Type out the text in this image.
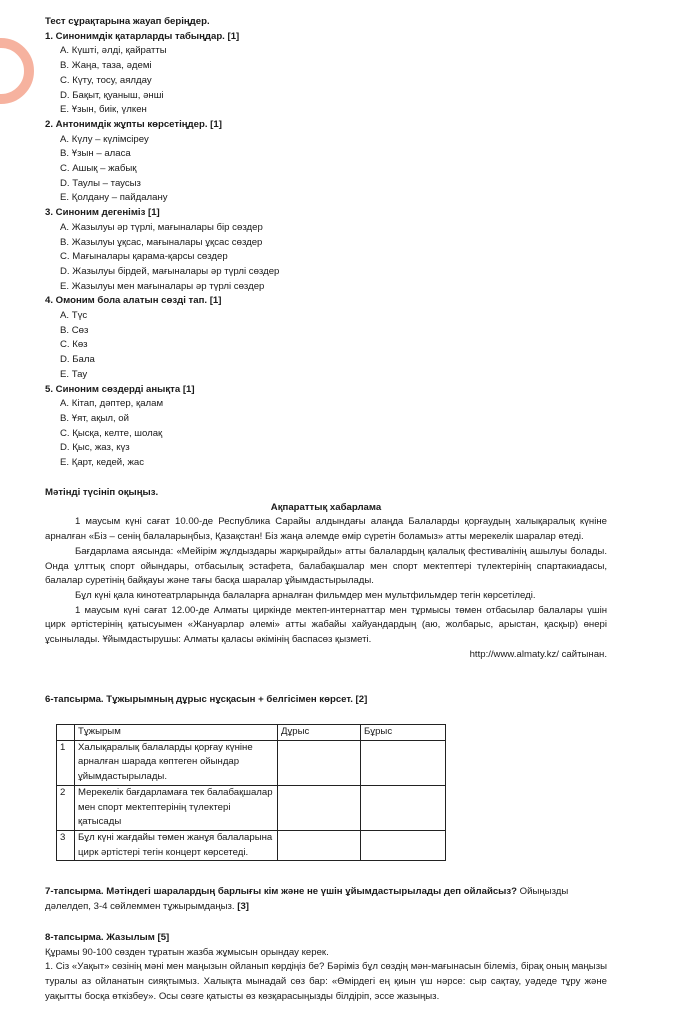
Тест сұрақтарына жауап беріңдер.
1. Синонимдік қатарларды табыңдар. [1]
A. Күшті, әлді, қайратты
B. Жаңа, таза, әдемі
C. Күту, тосу, аялдау
D. Бақыт, қуаныш, әнші
E. Ұзын, биік, үлкен
2. Антонимдік жұпты көрсетіңдер. [1]
A. Күлу – күлімсіреу
B. Ұзын – аласа
C. Ашық – жабық
D. Таулы – таусыз
E. Қолдану – пайдалану
3. Синоним дегеніміз [1]
A. Жазылуы әр түрлі, мағыналары бір сөздер
B. Жазылуы ұқсас, мағыналары ұқсас сөздер
C. Мағыналары қарама-қарсы сөздер
D. Жазылуы бірдей, мағыналары әр түрлі сөздер
E. Жазылуы мен мағыналары әр түрлі сөздер
4. Омоним бола алатын сөзді тап. [1]
A. Түс
B. Сөз
C. Көз
D. Бала
E. Тау
5. Синоним сөздерді анықта [1]
A. Кітап, дәптер, қалам
B. Ұят, ақыл, ой
C. Қысқа, келте, шолақ
D. Қыс, жаз, күз
E. Қарт, кедей, жас
Мәтінді түсініп оқыңыз.
Ақпараттық хабарлама
1 маусым күні сағат 10.00-де Республика Сарайы алдындағы алаңда Балаларды қорғаудың халықаралық күніне арналған «Біз – сенің балаларыңбыз, Қазақстан! Біз жаңа әлемде өмір сүретін боламыз» атты мерекелік шаралар өтеді.
Бағдарлама аясында: «Мейірім жұлдыздары жарқырайды» атты балалардың қалалық фестивалінің ашылуы болады. Онда ұлттық спорт ойындары, отбасылық эстафета, балабақшалар мен спорт мектептері түлектерінің спартакиадасы, балалар суретінің байқауы және тағы басқа шаралар ұйымдастырылады.
Бұл күні қала кинотеатрларында балаларға арналған фильмдер мен мультфильмдер тегін көрсетіледі.
1 маусым күні сағат 12.00-де Алматы циркінде мектеп-интернаттар мен тұрмысы төмен отбасылар балалары үшін цирк әртістерінің қатысуымен «Жануарлар әлемі» атты жабайы хайуандардың (аю, жолбарыс, арыстан, қасқыр) өнері ұсынылады. Ұйымдастырушы: Алматы қаласы әкімінің баспасөз қызметі.
http://www.almaty.kz/ сайтынан.
6-тапсырма. Тұжырымның дұрыс нұсқасын + белгісімен көрсет. [2]
	Тұжырым	Дұрыс	Бұрыс
1	Халықаралық балаларды қорғау күніне арналған шарада көптеген ойындар ұйымдастырылады.		
2	Мерекелік бағдарламаға тек балабақшалар мен спорт мектептерінің түлектері қатысады		
3	Бұл күні жағдайы төмен жанұя балаларына цирк әртістері тегін концерт көрсетеді.		
7-тапсырма. Мәтіндегі шаралардың барлығы кім және не үшін ұйымдастырылады деп ойлайсыз? Ойыңызды дәлелдеп, 3-4 сөйлеммен тұжырымдаңыз. [3]
8-тапсырма. Жазылым [5]
Құрамы 90-100 сөзден тұратын жазба жұмысын орындау керек.
1. Сіз «Уақыт» сөзінің мәні мен маңызын ойланып көрдіңіз бе? Бәріміз бұл сөздің мән-мағынасын білеміз, бірақ оның маңызы туралы аз ойланатын сияқтымыз. Халықта мынадай сөз бар: «Өмірдегі ең қиын үш нәрсе: сыр сақтау, уәдеде тұру және уақытты босқа өткізбеу». Осы сөзге қатысты өз көзқарасыңызды білдіріп, эссе жазыңыз.
